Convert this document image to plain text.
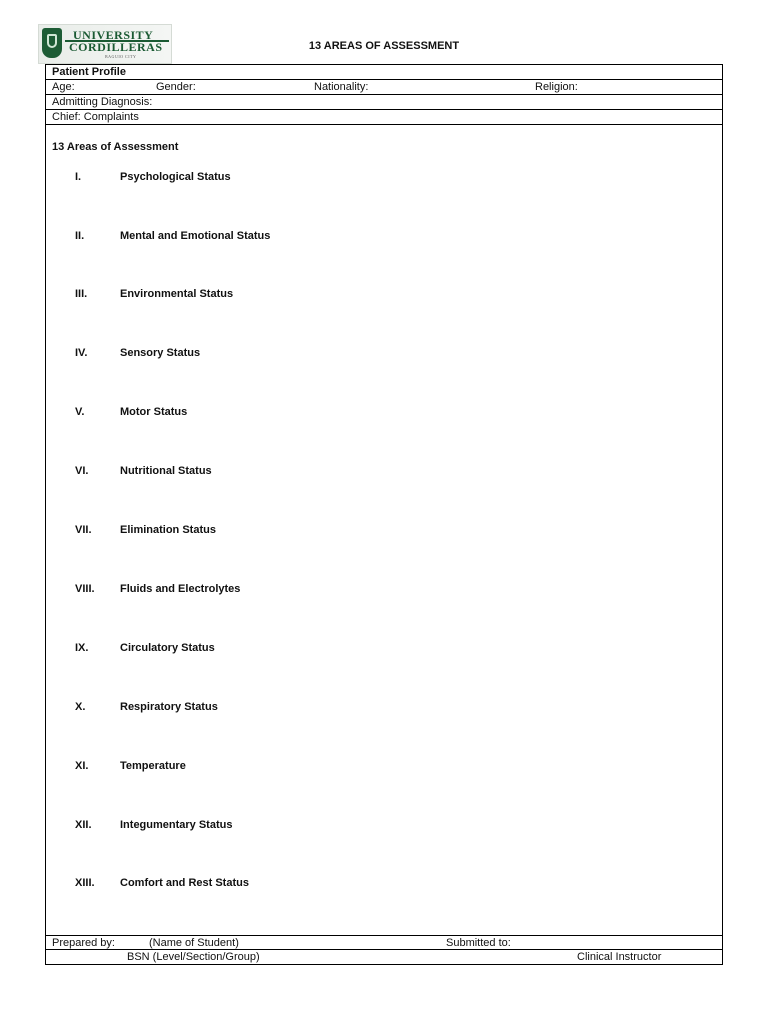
UNIVERSITY
CORDILLERAS
BAGUIO CITY
13 AREAS OF ASSESSMENT
Patient Profile
Age:	Gender:	Nationality:	Religion:
Admitting Diagnosis:
Chief: Complaints
13 Areas of Assessment
I.	Psychological Status
II.	Mental and Emotional Status
III.	Environmental Status
IV.	Sensory Status
V.	Motor Status
VI.	Nutritional Status
VII.	Elimination Status
VIII. Fluids and Electrolytes
IX.	Circulatory Status
X.	Respiratory Status
XI.	Temperature
XII.	Integumentary Status
XIII. Comfort and Rest Status
Prepared by:	(Name of Student)	Submitted to:
BSN (Level/Section/Group)	Clinical Instructor
